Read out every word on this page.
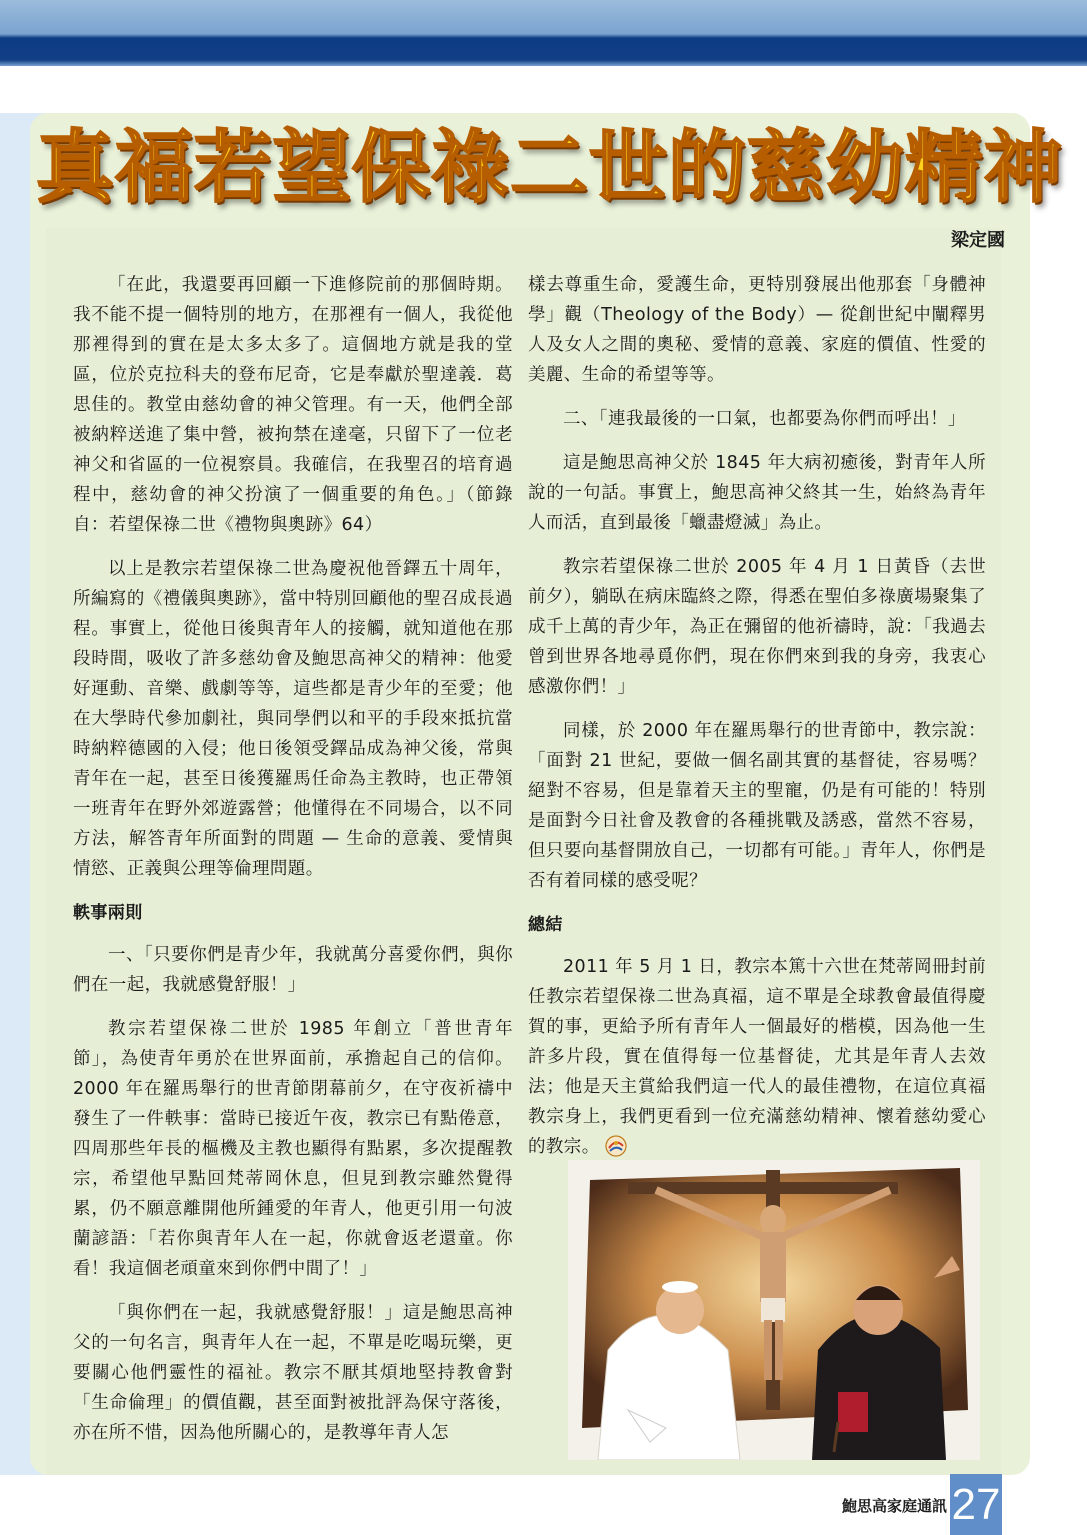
真福若望保祿二世的慈幼精神

梁定國

「在此，我還要再回顧一下進修院前的那個時期。我不能不提一個特別的地方，在那裡有一個人，我從他那裡得到的實在是太多太多了。這個地方就是我的堂區，位於克拉科夫的登布尼奇，它是奉獻於聖達義．葛思佳的。教堂由慈幼會的神父管理。有一天，他們全部被納粹送進了集中營，被拘禁在達毫，只留下了一位老神父和省區的一位視察員。我確信，在我聖召的培育過程中，慈幼會的神父扮演了一個重要的角色。」（節錄自：若望保祿二世《禮物與奧跡》64）

以上是教宗若望保祿二世為慶祝他晉鐸五十周年，所編寫的《禮儀與奧跡》，當中特別回顧他的聖召成長過程。事實上，從他日後與青年人的接觸，就知道他在那段時間，吸收了許多慈幼會及鮑思高神父的精神：他愛好運動、音樂、戲劇等等，這些都是青少年的至愛；他在大學時代參加劇社，與同學們以和平的手段來抵抗當時納粹德國的入侵；他日後領受鐸品成為神父後，常與青年在一起，甚至日後獲羅馬任命為主教時，也正帶領一班青年在野外郊遊露營；他懂得在不同場合，以不同方法，解答青年所面對的問題 — 生命的意義、愛情與情慾、正義與公理等倫理問題。

軼事兩則

一、「只要你們是青少年，我就萬分喜愛你們，與你們在一起，我就感覺舒服！」

教宗若望保祿二世於 1985 年創立「普世青年節」，為使青年勇於在世界面前，承擔起自己的信仰。2000 年在羅馬舉行的世青節閉幕前夕，在守夜祈禱中發生了一件軼事：當時已接近午夜，教宗已有點倦意，四周那些年長的樞機及主教也顯得有點累，多次提醒教宗，希望他早點回梵蒂岡休息，但見到教宗雖然覺得累，仍不願意離開他所鍾愛的年青人，他更引用一句波蘭諺語：「若你與青年人在一起，你就會返老還童。你看！我這個老頑童來到你們中間了！」

「與你們在一起，我就感覺舒服！」這是鮑思高神父的一句名言，與青年人在一起，不單是吃喝玩樂，更要關心他們靈性的福祉。教宗不厭其煩地堅持教會對「生命倫理」的價值觀，甚至面對被批評為保守落後，亦在所不惜，因為他所關心的，是教導年青人怎

樣去尊重生命，愛護生命，更特別發展出他那套「身體神學」觀（Theology of the Body）— 從創世紀中闡釋男人及女人之間的奧秘、愛情的意義、家庭的價值、性愛的美麗、生命的希望等等。

二、「連我最後的一口氣，也都要為你們而呼出！」

這是鮑思高神父於 1845 年大病初癒後，對青年人所說的一句話。事實上，鮑思高神父終其一生，始終為青年人而活，直到最後「蠟盡燈滅」為止。

教宗若望保祿二世於 2005 年 4 月 1 日黃昏（去世前夕），躺臥在病床臨終之際，得悉在聖伯多祿廣場聚集了成千上萬的青少年，為正在彌留的他祈禱時，說：「我過去曾到世界各地尋覓你們，現在你們來到我的身旁，我衷心感激你們！」

同樣，於 2000 年在羅馬舉行的世青節中，教宗說：「面對 21 世紀，要做一個名副其實的基督徒，容易嗎？絕對不容易，但是靠着天主的聖寵，仍是有可能的！特別是面對今日社會及教會的各種挑戰及誘惑，當然不容易，但只要向基督開放自己，一切都有可能。」青年人，你們是否有着同樣的感受呢？

總結

2011 年 5 月 1 日，教宗本篤十六世在梵蒂岡冊封前任教宗若望保祿二世為真福，這不單是全球教會最值得慶賀的事，更給予所有青年人一個最好的楷模，因為他一生許多片段，實在值得每一位基督徒，尤其是年青人去效法；他是天主賞給我們這一代人的最佳禮物，在這位真福教宗身上，我們更看到一位充滿慈幼精神、懷着慈幼愛心的教宗。

鮑思高家庭通訊 27
